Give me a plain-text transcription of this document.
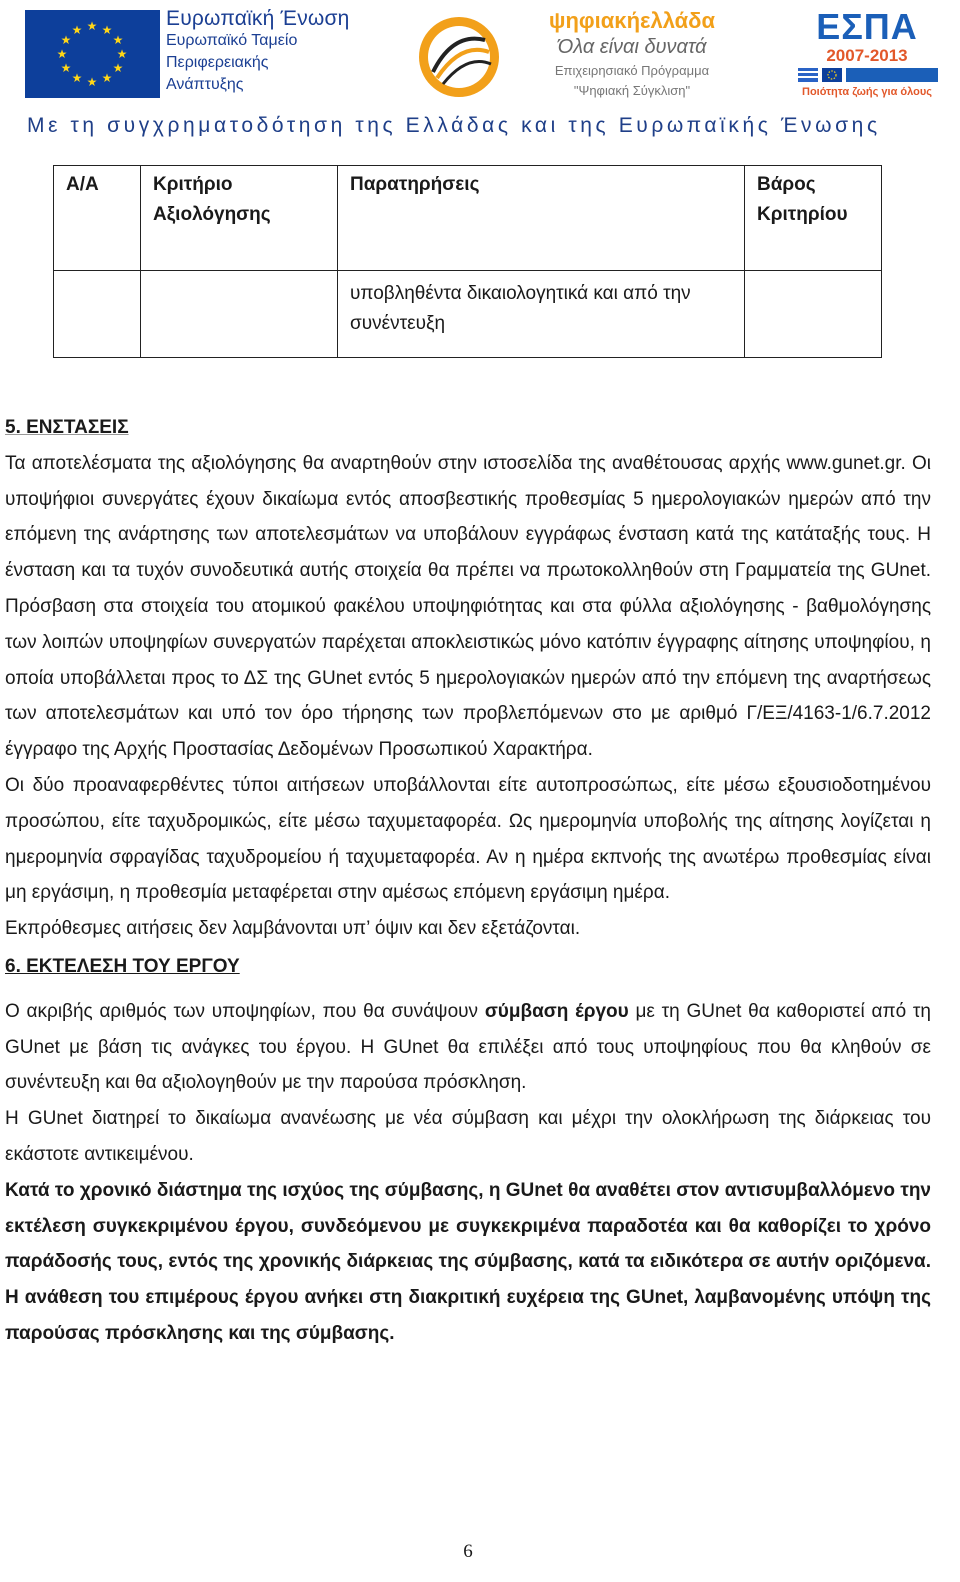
★ ★
★
★
★
★
★
★
★
★
★
★	Ευρωπαϊκή Ένωση
Ευρωπαϊκό Ταμείο
Περιφερειακής
Ανάπτυξης
ψηφιακήελλάδα
Όλα είναι δυνατά
Επιχειρησιακό Πρόγραμμα
"Ψηφιακή Σύγκλιση"
ΕΣΠΑ
2007-2013
Ποιότητα ζωής για όλους
Με τη συγχρηματοδότηση της Ελλάδας και της Ευρωπαϊκής Ένωσης
Α/Α	Κριτήριο Αξιολόγησης	Παρατηρήσεις	Βάρος Κριτηρίου
		υποβληθέντα δικαιολογητικά και από την συνέντευξη	
5. ΕΝΣΤΑΣΕΙΣ

Τα αποτελέσματα της αξιολόγησης θα αναρτηθούν στην ιστοσελίδα της αναθέτουσας αρχής www.gunet.gr. Οι υποψήφιοι συνεργάτες έχουν δικαίωμα εντός αποσβεστικής προθεσμίας 5 ημερολογιακών ημερών από την επόμενη της ανάρτησης των αποτελεσμάτων να υποβάλουν εγγράφως ένσταση κατά της κατάταξής τους. Η ένσταση και τα τυχόν συνοδευτικά αυτής στοιχεία θα πρέπει να πρωτοκολληθούν στη Γραμματεία της GUnet. Πρόσβαση στα στοιχεία του ατομικού φακέλου υποψηφιότητας και στα φύλλα αξιολόγησης - βαθμολόγησης των λοιπών υποψηφίων συνεργατών παρέχεται αποκλειστικώς μόνο κατόπιν έγγραφης αίτησης υποψηφίου, η οποία υποβάλλεται προς το ΔΣ της GUnet εντός 5 ημερολογιακών ημερών από την επόμενη της αναρτήσεως των αποτελεσμάτων και υπό τον όρο τήρησης των προβλεπόμενων στο με αριθμό Γ/ΕΞ/4163-1/6.7.2012 έγγραφο της Αρχής Προστασίας Δεδομένων Προσωπικού Χαρακτήρα.

Οι δύο προαναφερθέντες τύποι αιτήσεων υποβάλλονται είτε αυτοπροσώπως, είτε μέσω εξουσιοδοτημένου προσώπου, είτε ταχυδρομικώς, είτε μέσω ταχυμεταφορέα. Ως ημερομηνία υποβολής της αίτησης λογίζεται η ημερομηνία σφραγίδας ταχυδρομείου ή ταχυμεταφορέα. Αν η ημέρα εκπνοής της ανωτέρω προθεσμίας είναι μη εργάσιμη, η προθεσμία μεταφέρεται στην αμέσως επόμενη εργάσιμη ημέρα.

Εκπρόθεσμες αιτήσεις δεν λαμβάνονται υπ’ όψιν και δεν εξετάζονται.

6. ΕΚΤΕΛΕΣΗ ΤΟΥ ΕΡΓΟΥ

Ο ακριβής αριθμός των υποψηφίων, που θα συνάψουν σύμβαση έργου με τη GUnet θα καθοριστεί από τη GUnet με βάση τις ανάγκες του έργου. Η GUnet θα επιλέξει από τους υποψηφίους που θα κληθούν σε συνέντευξη και θα αξιολογηθούν με την παρούσα πρόσκληση.

Η GUnet διατηρεί το δικαίωμα ανανέωσης με νέα σύμβαση και μέχρι την ολοκλήρωση της διάρκειας του εκάστοτε αντικειμένου.

Κατά το χρονικό διάστημα της ισχύος της σύμβασης, η GUnet θα αναθέτει στον αντισυμβαλλόμενο την εκτέλεση συγκεκριμένου έργου, συνδεόμενου με συγκεκριμένα παραδοτέα και θα καθορίζει το χρόνο παράδοσής τους, εντός της χρονικής διάρκειας της σύμβασης, κατά τα ειδικότερα σε αυτήν οριζόμενα. Η ανάθεση του επιμέρους έργου ανήκει στη διακριτική ευχέρεια της GUnet, λαμβανομένης υπόψη της παρούσας πρόσκλησης και της σύμβασης.

6
